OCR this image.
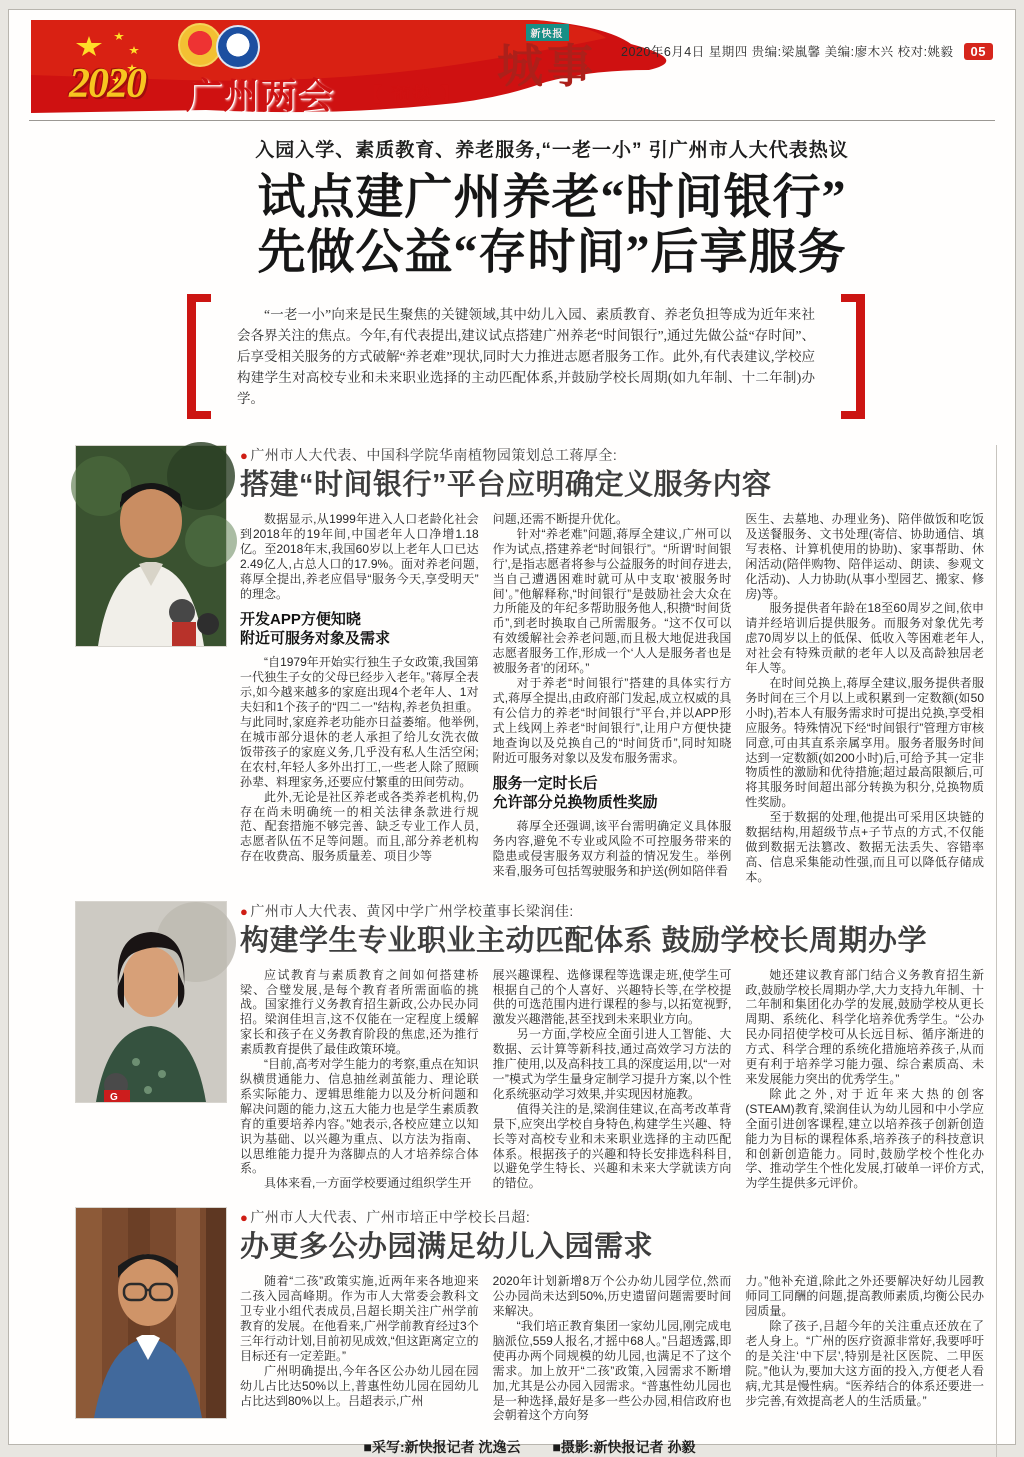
2020 广州两会 【 预热 】
新快报
城事	2020年6月4日 星期四 贵编:梁嵐馨 美编:廖木兴 校对:姚毅 05
入园入学、素质教育、养老服务,“一老一小” 引广州市人大代表热议
试点建广州养老“时间银行”
先做公益“存时间”后享服务
“一老一小”向来是民生聚焦的关键领域,其中幼儿入园、素质教育、养老负担等成为近年来社会各界关注的焦点。今年,有代表提出,建议试点搭建广州养老“时间银行”,通过先做公益“存时间”、后享受相关服务的方式破解“养老难”现状,同时大力推进志愿者服务工作。此外,有代表建议,学校应构建学生对高校专业和未来职业选择的主动匹配体系,并鼓励学校长周期(如九年制、十二年制)办学。
● 广州市人大代表、中国科学院华南植物园策划总工蒋厚全:
搭建“时间银行”平台应明确定义服务内容

数据显示,从1999年进入人口老龄化社会到2018年的19年间,中国老年人口净增1.18亿。至2018年末,我国60岁以上老年人口已达2.49亿人,占总人口的17.9%。面对养老问题,蒋厚全提出,养老应倡导“服务今天,享受明天”的理念。

开发APP方便知晓
附近可服务对象及需求

“自1979年开始实行独生子女政策,我国第一代独生子女的父母已经步入老年。”蒋厚全表示,如今越来越多的家庭出现4个老年人、1对夫妇和1个孩子的“四二一”结构,养老负担重。与此同时,家庭养老功能亦日益萎缩。他举例,在城市部分退休的老人承担了给儿女洗衣做饭带孩子的家庭义务,几乎没有私人生活空闲;在农村,年轻人多外出打工,一些老人除了照顾孙辈、料理家务,还要应付繁重的田间劳动。

此外,无论是社区养老或各类养老机构,仍存在尚未明确统一的相关法律条款进行规范、配套措施不够完善、缺乏专业工作人员,志愿者队伍不足等问题。而且,部分养老机构存在收费高、服务质量差、项目少等

问题,还需不断提升优化。

针对“养老难”问题,蒋厚全建议,广州可以作为试点,搭建养老“时间银行”。“所谓‘时间银行’,是指志愿者将参与公益服务的时间存进去,当自己遭遇困难时就可从中支取‘被服务时间’。”他解释称,“时间银行”是鼓励社会大众在力所能及的年纪多帮助服务他人,积攒“时间货币”,到老时换取自己所需服务。“这不仅可以有效缓解社会养老问题,而且极大地促进我国志愿者服务工作,形成一个‘人人是服务者也是被服务者’的闭环。”

对于养老“时间银行”搭建的具体实行方式,蒋厚全提出,由政府部门发起,成立权威的具有公信力的养老“时间银行”平台,并以APP形式上线网上养老“时间银行”,让用户方便快捷地查询以及兑换自己的“时间货币”,同时知晓附近可服务对象以及发布服务需求。

服务一定时长后
允许部分兑换物质性奖励

蒋厚全还强调,该平台需明确定义具体服务内容,避免不专业或风险不可控服务带来的隐患或侵害服务双方利益的情况发生。举例来看,服务可包括驾驶服务和护送(例如陪伴看

医生、去墓地、办理业务)、陪伴做饭和吃饭及送餐服务、文书处理(寄信、协助通信、填写表格、计算机使用的协助)、家事帮助、休闲活动(陪伴购物、陪伴运动、朗读、参观文化活动)、人力协助(从事小型园艺、搬家、修房)等。

服务提供者年龄在18至60周岁之间,依申请并经培训后提供服务。而服务对象优先考虑70周岁以上的低保、低收入等困难老年人,对社会有特殊贡献的老年人以及高龄独居老年人等。

在时间兑换上,蒋厚全建议,服务提供者服务时间在三个月以上或积累到一定数额(如50小时),若本人有服务需求时可提出兑换,享受相应服务。特殊情况下经“时间银行”管理方审核同意,可由其直系亲属享用。服务者服务时间达到一定数额(如200小时)后,可给予其一定非物质性的激励和优待措施;超过最高限额后,可将其服务时间超出部分转换为积分,兑换物质性奖励。

至于数据的处理,他提出可采用区块链的数据结构,用超级节点+子节点的方式,不仅能做到数据无法篡改、数据无法丢失、容错率高、信息采集能动性强,而且可以降低存储成本。

G
● 广州市人大代表、黄冈中学广州学校董事长梁润佳:
构建学生专业职业主动匹配体系 鼓励学校长周期办学

应试教育与素质教育之间如何搭建桥梁、合璧发展,是每个教育者所需面临的挑战。国家推行义务教育招生新政,公办民办同招。梁润佳坦言,这不仅能在一定程度上缓解家长和孩子在义务教育阶段的焦虑,还为推行素质教育提供了最佳政策环境。

“目前,高考对学生能力的考察,重点在知识纵横贯通能力、信息抽丝剥茧能力、理论联系实际能力、逻辑思维能力以及分析问题和解决问题的能力,这五大能力也是学生素质教育的重要培养内容。”她表示,各校应建立以知识为基础、以兴趣为重点、以方法为指南、以思维能力提升为落脚点的人才培养综合体系。

具体来看,一方面学校要通过组织学生开

展兴趣课程、选修课程等选课走班,使学生可根据自己的个人喜好、兴趣特长等,在学校提供的可选范围内进行课程的参与,以拓宽视野,激发兴趣潜能,甚至找到未来职业方向。

另一方面,学校应全面引进人工智能、大数据、云计算等新科技,通过高效学习方法的推广使用,以及高科技工具的深度运用,以“一对一”模式为学生量身定制学习提升方案,以个性化系统驱动学习效果,并实现因材施教。

值得关注的是,梁润佳建议,在高考改革背景下,应突出学校自身特色,构建学生兴趣、特长等对高校专业和未来职业选择的主动匹配体系。根据孩子的兴趣和特长安排选科科目,以避免学生特长、兴趣和未来大学就读方向的错位。

她还建议教育部门结合义务教育招生新政,鼓励学校长周期办学,大力支持九年制、十二年制和集团化办学的发展,鼓励学校从更长周期、系统化、科学化培养优秀学生。“公办民办同招使学校可从长远目标、循序渐进的方式、科学合理的系统化措施培养孩子,从而更有利于培养学习能力强、综合素质高、未来发展能力突出的优秀学生。”

除此之外,对于近年来大热的创客(STEAM)教育,梁润佳认为幼儿园和中小学应全面引进创客课程,建立以培养孩子创新创造能力为目标的课程体系,培养孩子的科技意识和创新创造能力。同时,鼓励学校个性化办学、推动学生个性化发展,打破单一评价方式,为学生提供多元评价。

● 广州市人大代表、广州市培正中学校长吕超:
办更多公办园满足幼儿入园需求

随着“二孩”政策实施,近两年来各地迎来二孩入园高峰期。作为市人大常委会教科文卫专业小组代表成员,吕超长期关注广州学前教育的发展。在他看来,广州学前教育经过3个三年行动计划,目前初见成效,“但这距离定立的目标还有一定差距。”

广州明确提出,今年各区公办幼儿园在园幼儿占比达50%以上,普惠性幼儿园在园幼儿占比达到80%以上。吕超表示,广州

2020年计划新增8万个公办幼儿园学位,然而公办园尚未达到50%,历史遗留问题需要时间来解决。

“我们培正教育集团一家幼儿园,刚完成电脑派位,559人报名,才摇中68人。”吕超透露,即使再办两个同规模的幼儿园,也满足不了这个需求。加上放开“二孩”政策,入园需求不断增加,尤其是公办园入园需求。“普惠性幼儿园也是一种选择,最好是多一些公办园,相信政府也会朝着这个方向努

力。”他补充道,除此之外还要解决好幼儿园教师同工同酬的问题,提高教师素质,均衡公民办园质量。

除了孩子,吕超今年的关注重点还放在了老人身上。“广州的医疗资源非常好,我要呼吁的是关注‘中下层’,特别是社区医院、二甲医院。”他认为,要加大这方面的投入,方便老人看病,尤其是慢性病。“医养结合的体系还要进一步完善,有效提高老人的生活质量。”

■采写:新快报记者 沈逸云 ■摄影:新快报记者 孙毅
